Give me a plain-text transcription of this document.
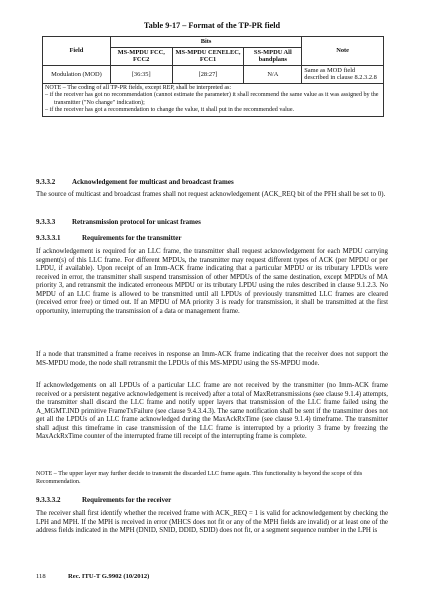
Table 9-17 – Format of the TP-PR field
Field	Bits			Note
	MS-MPDU FCC, FCC2	MS-MPDU CENELEC, FCC1	SS-MPDU All bandplans	
Modulation (MOD)	[36:35]	[28:27]	N/A	Same as MOD field described in clause 8.2.3.2.8

NOTE – The coding of all TP-PR fields, except REP, shall be interpreted as:
– if the receiver has got no recommendation (cannot estimate the parameter) it shall recommend the same value as it was assigned by the transmitter ("No change" indication);
– if the receiver has got a recommendation to change the value, it shall put in the recommended value.				
9.3.3.2 Acknowledgement for multicast and broadcast frames

The source of multicast and broadcast frames shall not request acknowledgement (ACK_REQ bit of the PFH shall be set to 0).

9.3.3.3 Retransmission protocol for unicast frames
9.3.3.3.1	Requirements for the transmitter

If acknowledgement is required for an LLC frame, the transmitter shall request acknowledgement for each MPDU carrying segment(s) of this LLC frame. For different MPDUs, the transmitter may request different types of ACK (per MPDU or per LPDU, if available). Upon receipt of an Imm-ACK frame indicating that a particular MPDU or its tributary LPDUs were received in error, the transmitter shall suspend transmission of other MPDUs of the same destination, except MPDUs of MA priority 3, and retransmit the indicated erroneous MPDU or its tributary LPDU using the rules described in clause 9.1.2.3. No MPDU of an LLC frame is allowed to be transmitted until all LPDUs of previously transmitted LLC frames are cleared (received error free) or timed out. If an MPDU of MA priority 3 is ready for transmission, it shall be transmitted at the first opportunity, interrupting the transmission of a data or management frame.

If a node that transmitted a frame receives in response an Imm-ACK frame indicating that the receiver does not support the MS-MPDU mode, the node shall retransmit the LPDUs of this MS-MPDU using the SS-MPDU mode.

If acknowledgements on all LPDUs of a particular LLC frame are not received by the transmitter (no Imm-ACK frame received or a persistent negative acknowledgement is received) after a total of MaxRetransmissions (see clause 9.1.4) attempts, the transmitter shall discard the LLC frame and notify upper layers that transmission of the LLC frame failed using the A_MGMT.IND primitive FrameTxFailure (see clause 9.4.3.4.3). The same notification shall be sent if the transmitter does not get all the LPDUs of an LLC frame acknowledged during the MaxAckRxTime (see clause 9.1.4) timeframe. The transmitter shall adjust this timeframe in case transmission of the LLC frame is interrupted by a priority 3 frame by freezing the MaxAckRxTime counter of the interrupted frame till receipt of the interrupting frame is complete.

NOTE – The upper layer may further decide to transmit the discarded LLC frame again. This functionality is beyond the scope of this Recommendation.

9.3.3.3.2	Requirements for the receiver

The receiver shall first identify whether the received frame with ACK_REQ = 1 is valid for acknowledgement by checking the LPH and MPH. If the MPH is received in error (MHCS does not fit or any of the MPH fields are invalid) or at least one of the address fields indicated in the MPH (DNID, SNID, DDID, SDID) does not fit, or a segment sequence number in the LPH is

118	Rec. ITU-T G.9902 (10/2012)
